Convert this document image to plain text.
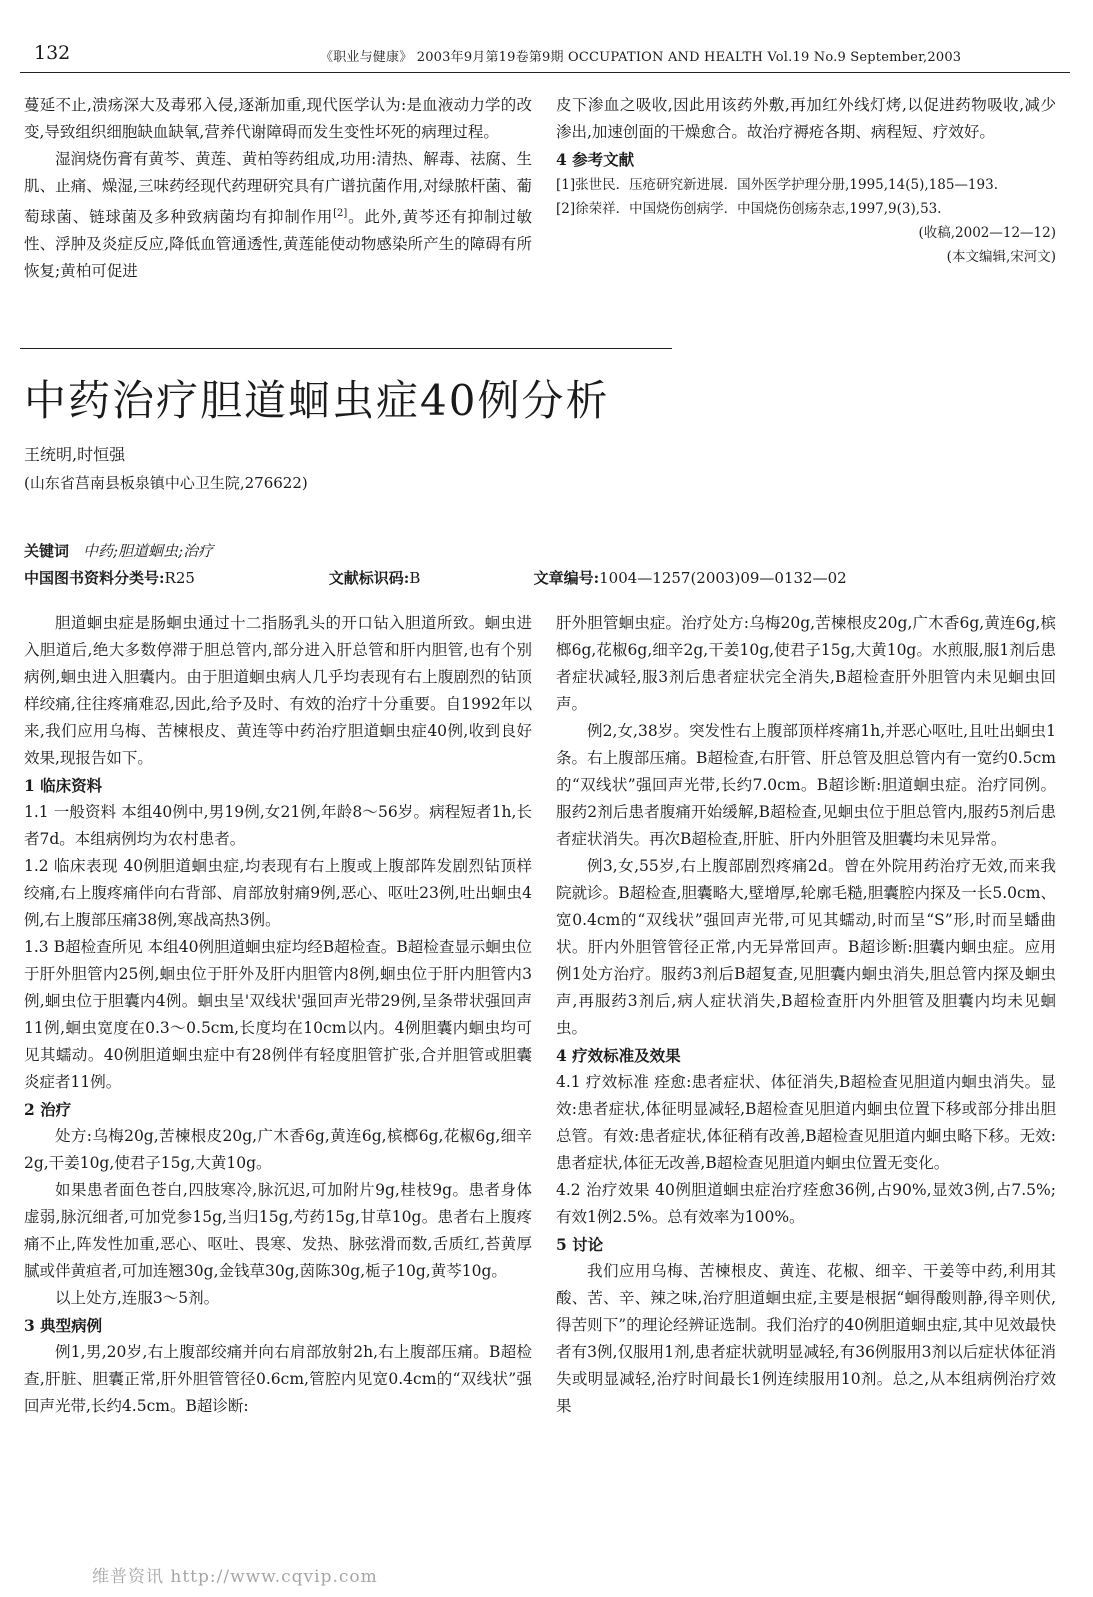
132	《职业与健康》 2003年9月第19卷第9期 OCCUPATION AND HEALTH Vol.19 No.9 September,2003

蔓延不止,溃疡深大及毒邪入侵,逐渐加重,现代医学认为:是血液动力学的改变,导致组织细胞缺血缺氧,营养代谢障碍而发生变性坏死的病理过程。

湿润烧伤膏有黄芩、黄莲、黄柏等药组成,功用:清热、解毒、祛腐、生肌、止痛、燥湿,三味药经现代药理研究具有广谱抗菌作用,对绿脓杆菌、葡萄球菌、链球菌及多种致病菌均有抑制作用[2]。此外,黄芩还有抑制过敏性、浮肿及炎症反应,降低血管通透性,黄莲能使动物感染所产生的障碍有所恢复;黄柏可促进

皮下渗血之吸收,因此用该药外敷,再加红外线灯烤,以促进药物吸收,减少渗出,加速创面的干燥愈合。故治疗褥疮各期、病程短、疗效好。

4 参考文献

[1]张世民．压疮研究新进展．国外医学护理分册,1995,14(5),185—193.
[2]徐荣祥．中国烧伤创病学．中国烧伤创疡杂志,1997,9(3),53.
(收稿,2002—12—12)
(本文编辑,宋河文)
中药治疗胆道蛔虫症40例分析
王统明,时恒强
(山东省莒南县板泉镇中心卫生院,276622)
关键词 中药;胆道蛔虫;治疗
中国图书资料分类号:R25	文献标识码:B	文章编号:1004—1257(2003)09—0132—02

胆道蛔虫症是肠蛔虫通过十二指肠乳头的开口钻入胆道所致。蛔虫进入胆道后,绝大多数停滞于胆总管内,部分进入肝总管和肝内胆管,也有个别病例,蛔虫进入胆囊内。由于胆道蛔虫病人几乎均表现有右上腹剧烈的钻顶样绞痛,往往疼痛难忍,因此,给予及时、有效的治疗十分重要。自1992年以来,我们应用乌梅、苦楝根皮、黄连等中药治疗胆道蛔虫症40例,收到良好效果,现报告如下。

1 临床资料

1.1 一般资料 本组40例中,男19例,女21例,年龄8～56岁。病程短者1h,长者7d。本组病例均为农村患者。

1.2 临床表现 40例胆道蛔虫症,均表现有右上腹或上腹部阵发剧烈钻顶样绞痛,右上腹疼痛伴向右背部、肩部放射痛9例,恶心、呕吐23例,吐出蛔虫4例,右上腹部压痛38例,寒战高热3例。

1.3 B超检查所见 本组40例胆道蛔虫症均经B超检查。B超检查显示蛔虫位于肝外胆管内25例,蛔虫位于肝外及肝内胆管内8例,蛔虫位于肝内胆管内3例,蛔虫位于胆囊内4例。蛔虫呈'双线状'强回声光带29例,呈条带状强回声11例,蛔虫宽度在0.3～0.5cm,长度均在10cm以内。4例胆囊内蛔虫均可见其蠕动。40例胆道蛔虫症中有28例伴有轻度胆管扩张,合并胆管或胆囊炎症者11例。

2 治疗

处方:乌梅20g,苦楝根皮20g,广木香6g,黄连6g,槟榔6g,花椒6g,细辛2g,干姜10g,使君子15g,大黄10g。

如果患者面色苍白,四肢寒冷,脉沉迟,可加附片9g,桂枝9g。患者身体虚弱,脉沉细者,可加党参15g,当归15g,芍药15g,甘草10g。患者右上腹疼痛不止,阵发性加重,恶心、呕吐、畏寒、发热、脉弦滑而数,舌质红,苔黄厚腻或伴黄疸者,可加连翘30g,金钱草30g,茵陈30g,栀子10g,黄芩10g。

以上处方,连服3～5剂。

3 典型病例

例1,男,20岁,右上腹部绞痛并向右肩部放射2h,右上腹部压痛。B超检查,肝脏、胆囊正常,肝外胆管管径0.6cm,管腔内见宽0.4cm的“双线状”强回声光带,长约4.5cm。B超诊断:

肝外胆管蛔虫症。治疗处方:乌梅20g,苦楝根皮20g,广木香6g,黄连6g,槟榔6g,花椒6g,细辛2g,干姜10g,使君子15g,大黄10g。水煎服,服1剂后患者症状减轻,服3剂后患者症状完全消失,B超检查肝外胆管内未见蛔虫回声。

例2,女,38岁。突发性右上腹部顶样疼痛1h,并恶心呕吐,且吐出蛔虫1条。右上腹部压痛。B超检查,右肝管、肝总管及胆总管内有一宽约0.5cm的“双线状”强回声光带,长约7.0cm。B超诊断:胆道蛔虫症。治疗同例。服药2剂后患者腹痛开始缓解,B超检查,见蛔虫位于胆总管内,服药5剂后患者症状消失。再次B超检查,肝脏、肝内外胆管及胆囊均未见异常。

例3,女,55岁,右上腹部剧烈疼痛2d。曾在外院用药治疗无效,而来我院就诊。B超检查,胆囊略大,壁增厚,轮廓毛糙,胆囊腔内探及一长5.0cm、宽0.4cm的“双线状”强回声光带,可见其蠕动,时而呈“S”形,时而呈蟠曲状。肝内外胆管管径正常,内无异常回声。B超诊断:胆囊内蛔虫症。应用例1处方治疗。服药3剂后B超复查,见胆囊内蛔虫消失,胆总管内探及蛔虫声,再服药3剂后,病人症状消失,B超检查肝内外胆管及胆囊内均未见蛔虫。

4 疗效标准及效果

4.1 疗效标准 痊愈:患者症状、体征消失,B超检查见胆道内蛔虫消失。显效:患者症状,体征明显减轻,B超检查见胆道内蛔虫位置下移或部分排出胆总管。有效:患者症状,体征稍有改善,B超检查见胆道内蛔虫略下移。无效:患者症状,体征无改善,B超检查见胆道内蛔虫位置无变化。

4.2 治疗效果 40例胆道蛔虫症治疗痊愈36例,占90%,显效3例,占7.5%;有效1例2.5%。总有效率为100%。

5 讨论

我们应用乌梅、苦楝根皮、黄连、花椒、细辛、干姜等中药,利用其酸、苦、辛、辣之味,治疗胆道蛔虫症,主要是根据“蛔得酸则静,得辛则伏,得苦则下”的理论经辨证选制。我们治疗的40例胆道蛔虫症,其中见效最快者有3例,仅服用1剂,患者症状就明显减轻,有36例服用3剂以后症状体征消失或明显减轻,治疗时间最长1例连续服用10剂。总之,从本组病例治疗效果

维普资讯 http://www.cqvip.com
